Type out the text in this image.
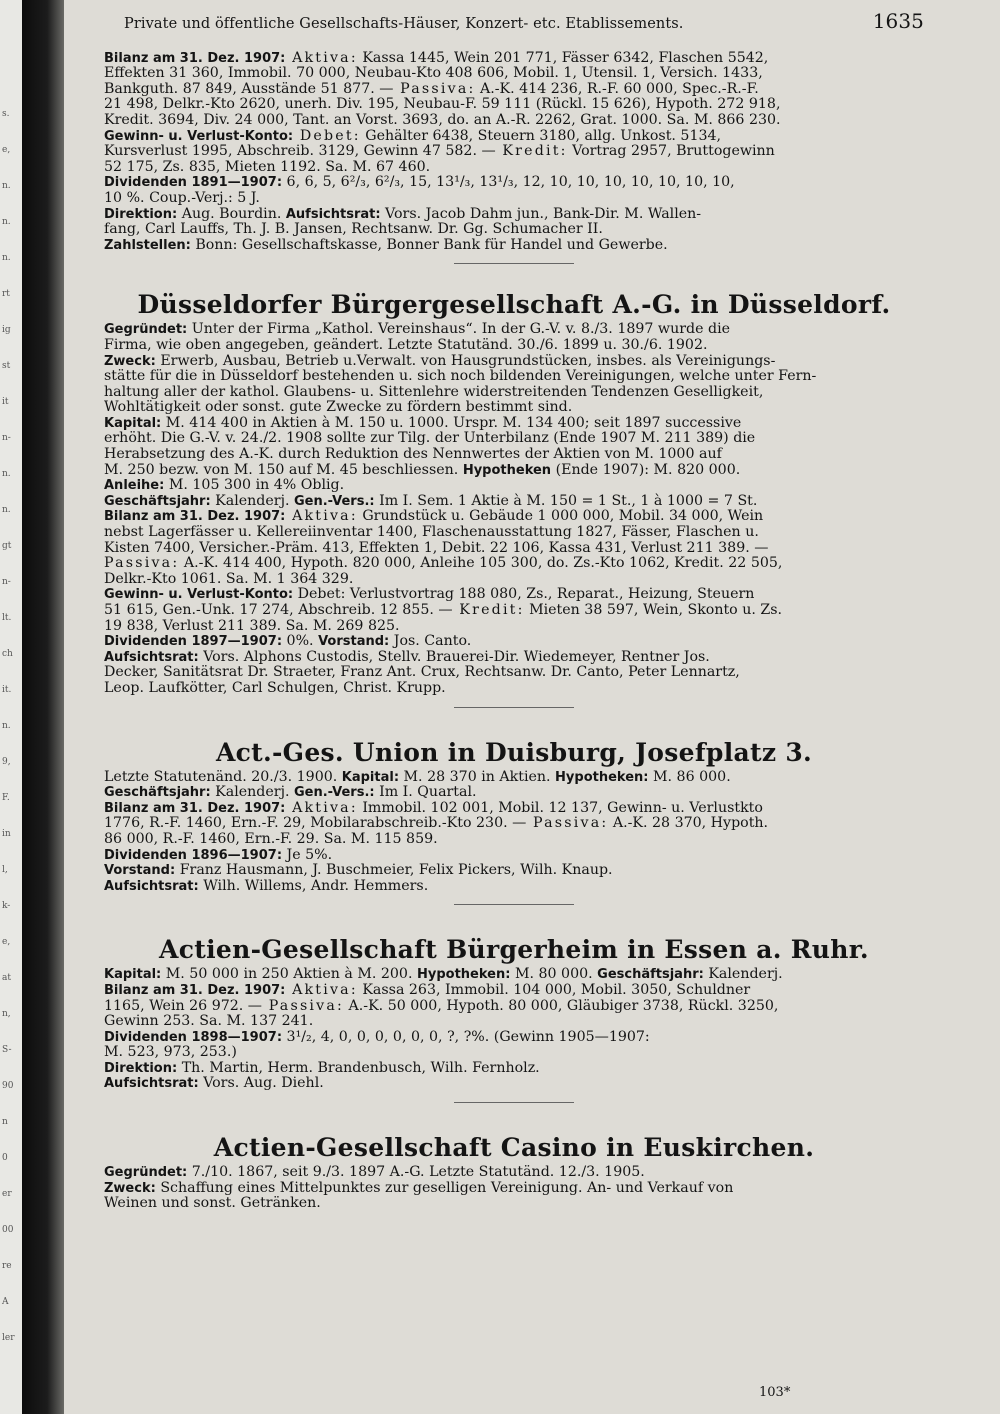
s.
e,
n.
n.
n.
rt
ig
st
it
n-
n.
n.
gt
n-
lt.
ch
it.
n.
9,
F.
in
l,
k-
e,
at
n,
S-
90
n
0
er
00
re
A
ler
Private und öffentliche Gesellschafts-Häuser, Konzert- etc. Etablissements.	1635
Bilanz am 31. Dez. 1907: Aktiva: Kassa 1445, Wein 201 771, Fässer 6342, Flaschen 5542,
Effekten 31 360, Immobil. 70 000, Neubau-Kto 408 606, Mobil. 1, Utensil. 1, Versich. 1433,
Bankguth. 87 849, Ausstände 51 877. — Passiva: A.-K. 414 236, R.-F. 60 000, Spec.-R.-F.
21 498, Delkr.-Kto 2620, unerh. Div. 195, Neubau-F. 59 111 (Rückl. 15 626), Hypoth. 272 918,
Kredit. 3694, Div. 24 000, Tant. an Vorst. 3693, do. an A.-R. 2262, Grat. 1000. Sa. M. 866 230.
Gewinn- u. Verlust-Konto: Debet: Gehälter 6438, Steuern 3180, allg. Unkost. 5134,
Kursverlust 1995, Abschreib. 3129, Gewinn 47 582. — Kredit: Vortrag 2957, Bruttogewinn
52 175, Zs. 835, Mieten 1192. Sa. M. 67 460.
Dividenden 1891—1907: 6, 6, 5, 6²/₃, 6²/₃, 15, 13¹/₃, 13¹/₃, 12, 10, 10, 10, 10, 10, 10, 10,
10 %. Coup.-Verj.: 5 J.
Direktion: Aug. Bourdin. Aufsichtsrat: Vors. Jacob Dahm jun., Bank-Dir. M. Wallen-
fang, Carl Lauffs, Th. J. B. Jansen, Rechtsanw. Dr. Gg. Schumacher II.
Zahlstellen: Bonn: Gesellschaftskasse, Bonner Bank für Handel und Gewerbe.
Düsseldorfer Bürgergesellschaft A.-G. in Düsseldorf.
Gegründet: Unter der Firma „Kathol. Vereinshaus“. In der G.-V. v. 8./3. 1897 wurde die
Firma, wie oben angegeben, geändert. Letzte Statutänd. 30./6. 1899 u. 30./6. 1902.
Zweck: Erwerb, Ausbau, Betrieb u.Verwalt. von Hausgrundstücken, insbes. als Vereinigungs-
stätte für die in Düsseldorf bestehenden u. sich noch bildenden Vereinigungen, welche unter Fern-
haltung aller der kathol. Glaubens- u. Sittenlehre widerstreitenden Tendenzen Geselligkeit,
Wohltätigkeit oder sonst. gute Zwecke zu fördern bestimmt sind.
Kapital: M. 414 400 in Aktien à M. 150 u. 1000. Urspr. M. 134 400; seit 1897 successive
erhöht. Die G.-V. v. 24./2. 1908 sollte zur Tilg. der Unterbilanz (Ende 1907 M. 211 389) die
Herabsetzung des A.-K. durch Reduktion des Nennwertes der Aktien von M. 1000 auf
M. 250 bezw. von M. 150 auf M. 45 beschliessen. Hypotheken (Ende 1907): M. 820 000.
Anleihe: M. 105 300 in 4% Oblig.
Geschäftsjahr: Kalenderj. Gen.-Vers.: Im I. Sem. 1 Aktie à M. 150 = 1 St., 1 à 1000 = 7 St.
Bilanz am 31. Dez. 1907: Aktiva: Grundstück u. Gebäude 1 000 000, Mobil. 34 000, Wein
nebst Lagerfässer u. Kellereiinventar 1400, Flaschenausstattung 1827, Fässer, Flaschen u.
Kisten 7400, Versicher.-Präm. 413, Effekten 1, Debit. 22 106, Kassa 431, Verlust 211 389. —
Passiva: A.-K. 414 400, Hypoth. 820 000, Anleihe 105 300, do. Zs.-Kto 1062, Kredit. 22 505,
Delkr.-Kto 1061. Sa. M. 1 364 329.
Gewinn- u. Verlust-Konto: Debet: Verlustvortrag 188 080, Zs., Reparat., Heizung, Steuern
51 615, Gen.-Unk. 17 274, Abschreib. 12 855. — Kredit: Mieten 38 597, Wein, Skonto u. Zs.
19 838, Verlust 211 389. Sa. M. 269 825.
Dividenden 1897—1907: 0%. Vorstand: Jos. Canto.
Aufsichtsrat: Vors. Alphons Custodis, Stellv. Brauerei-Dir. Wiedemeyer, Rentner Jos.
Decker, Sanitätsrat Dr. Straeter, Franz Ant. Crux, Rechtsanw. Dr. Canto, Peter Lennartz,
Leop. Laufkötter, Carl Schulgen, Christ. Krupp.
Act.-Ges. Union in Duisburg, Josefplatz 3.
Letzte Statutenänd. 20./3. 1900. Kapital: M. 28 370 in Aktien. Hypotheken: M. 86 000.
Geschäftsjahr: Kalenderj. Gen.-Vers.: Im I. Quartal.
Bilanz am 31. Dez. 1907: Aktiva: Immobil. 102 001, Mobil. 12 137, Gewinn- u. Verlustkto
1776, R.-F. 1460, Ern.-F. 29, Mobilarabschreib.-Kto 230. — Passiva: A.-K. 28 370, Hypoth.
86 000, R.-F. 1460, Ern.-F. 29. Sa. M. 115 859.
Dividenden 1896—1907: Je 5%.
Vorstand: Franz Hausmann, J. Buschmeier, Felix Pickers, Wilh. Knaup.
Aufsichtsrat: Wilh. Willems, Andr. Hemmers.
Actien-Gesellschaft Bürgerheim in Essen a. Ruhr.
Kapital: M. 50 000 in 250 Aktien à M. 200. Hypotheken: M. 80 000. Geschäftsjahr: Kalenderj.
Bilanz am 31. Dez. 1907: Aktiva: Kassa 263, Immobil. 104 000, Mobil. 3050, Schuldner
1165, Wein 26 972. — Passiva: A.-K. 50 000, Hypoth. 80 000, Gläubiger 3738, Rückl. 3250,
Gewinn 253. Sa. M. 137 241.
Dividenden 1898—1907: 3¹/₂, 4, 0, 0, 0, 0, 0, 0, ?, ?%. (Gewinn 1905—1907:
M. 523, 973, 253.)
Direktion: Th. Martin, Herm. Brandenbusch, Wilh. Fernholz.
Aufsichtsrat: Vors. Aug. Diehl.
Actien-Gesellschaft Casino in Euskirchen.
Gegründet: 7./10. 1867, seit 9./3. 1897 A.-G. Letzte Statutänd. 12./3. 1905.
Zweck: Schaffung eines Mittelpunktes zur geselligen Vereinigung. An- und Verkauf von
Weinen und sonst. Getränken.
103*
